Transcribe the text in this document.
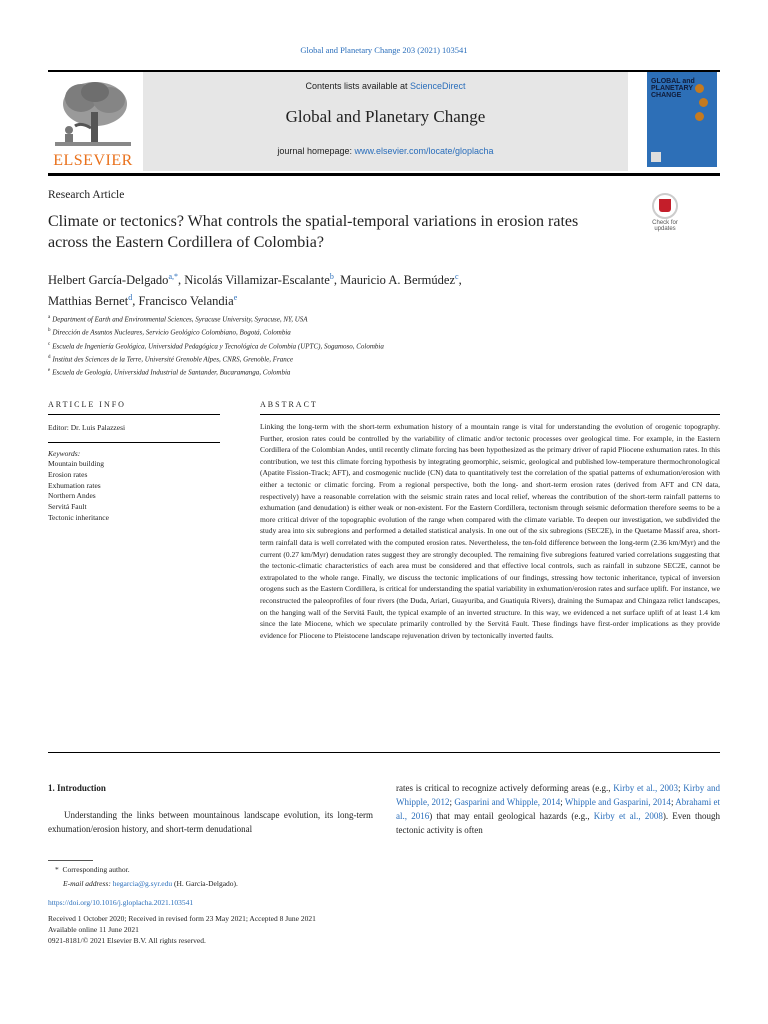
Global and Planetary Change 203 (2021) 103541
ELSEVIER
Contents lists available at ScienceDirect
Global and Planetary Change
journal homepage: www.elsevier.com/locate/gloplacha
GLOBAL and PLANETARY CHANGE
Research Article
Climate or tectonics? What controls the spatial-temporal variations in erosion rates across the Eastern Cordillera of Colombia?
Check for updates
Helbert García-Delgado$^{a,*}$, Nicolás Villamizar-Escalante$^b$, Mauricio A. Bermúdez$^c$,
Matthias Bernet$^d$, Francisco Velandia$^e$
$^a$ Department of Earth and Environmental Sciences, Syracuse University, Syracuse, NY, USA
$^b$ Dirección de Asuntos Nucleares, Servicio Geológico Colombiano, Bogotá, Colombia
$^c$ Escuela de Ingeniería Geológica, Universidad Pedagógica y Tecnológica de Colombia (UPTC), Sogamoso, Colombia
$^d$ Institut des Sciences de la Terre, Université Grenoble Alpes, CNRS, Grenoble, France
$^e$ Escuela de Geología, Universidad Industrial de Santander, Bucaramanga, Colombia
ARTICLE INFO	ABSTRACT
Editor: Dr. Luis Palazzesi
Keywords:
Mountain building
Erosion rates
Exhumation rates
Northern Andes
Servitá Fault
Tectonic inheritance

Linking the long-term with the short-term exhumation history of a mountain range is vital for understanding the evolution of orogenic topography. Further, erosion rates could be controlled by the variability of climatic and/or tectonic processes over geological time. For example, in the Eastern Cordillera of the Colombian Andes, until recently climate forcing has been hypothesized as the primary driver of rapid Pliocene exhumation rates. In this contribution, we test this climate forcing hypothesis by integrating geomorphic, seismic, geological and published low-temperature thermochronological (Apatite Fission-Track; AFT), and cosmogenic nuclide (CN) data to quantitatively test the correlation of the spatial patterns of exhumation/erosion with either a tectonic or climatic forcing. From a regional perspective, both the long- and short-term erosion rates (derived from AFT and CN data, respectively) have a reasonable correlation with the seismic strain rates and local relief, whereas the contribution of the short-term rainfall patterns to exhumation (and denudation) is either weak or non-existent. For the Eastern Cordillera, tectonism through seismic deformation therefore seems to be a more critical driver of the topographic evolution of the range when compared with the climate variable. To deepen our investigation, we subdivided the study area into six subregions and performed a detailed statistical analysis. In one out of the six subregions (SEC2E), in the Quetame Massif area, short-term rainfall data is well correlated with the computed erosion rates. Nevertheless, the ten-fold difference between the long-term (2.36 km/Myr) and the current (0.27 km/Myr) denudation rates suggest they are strongly decoupled. The remaining five subregions featured varied correlations suggesting that the tectonic-climatic characteristics of each area must be considered and that effective local controls, such as rainfall in subzone SEC2E, cannot be extrapolated to the whole range. Finally, we discuss the tectonic implications of our findings, stressing how tectonic inheritance, typical of inversion orogens such as the Eastern Cordillera, is critical for understanding the spatial variability in exhumation/erosion rates and surface uplift. For instance, we reconstructed the paleoprofiles of four rivers (the Duda, Ariari, Guayuriba, and Guatiquía Rivers), draining the Sumapaz and Chingaza relict landscapes, on the hanging wall of the Servitá Fault, the typical example of an inverted structure. In this way, we evidenced a net surface uplift of at least 1.4 km since the late Miocene, which we speculate primarily controlled by the Servitá Fault. These findings have first-order implications as they provide evidence for Pliocene to Pleistocene landscape rejuvenation driven by tectonically inverted faults.

1. Introduction

Understanding the links between mountainous landscape evolution, its long-term exhumation/erosion history, and short-term denudational

rates is critical to recognize actively deforming areas (e.g., Kirby et al., 2003; Kirby and Whipple, 2012; Gasparini and Whipple, 2014; Whipple and Gasparini, 2014; Abrahami et al., 2016) that may entail geological hazards (e.g., Kirby et al., 2008). Even though tectonic activity is often

*  Corresponding author.
E-mail address: hegarcia@g.syr.edu (H. García-Delgado).
https://doi.org/10.1016/j.gloplacha.2021.103541
Received 1 October 2020; Received in revised form 23 May 2021; Accepted 8 June 2021
Available online 11 June 2021
0921-8181/© 2021 Elsevier B.V. All rights reserved.
